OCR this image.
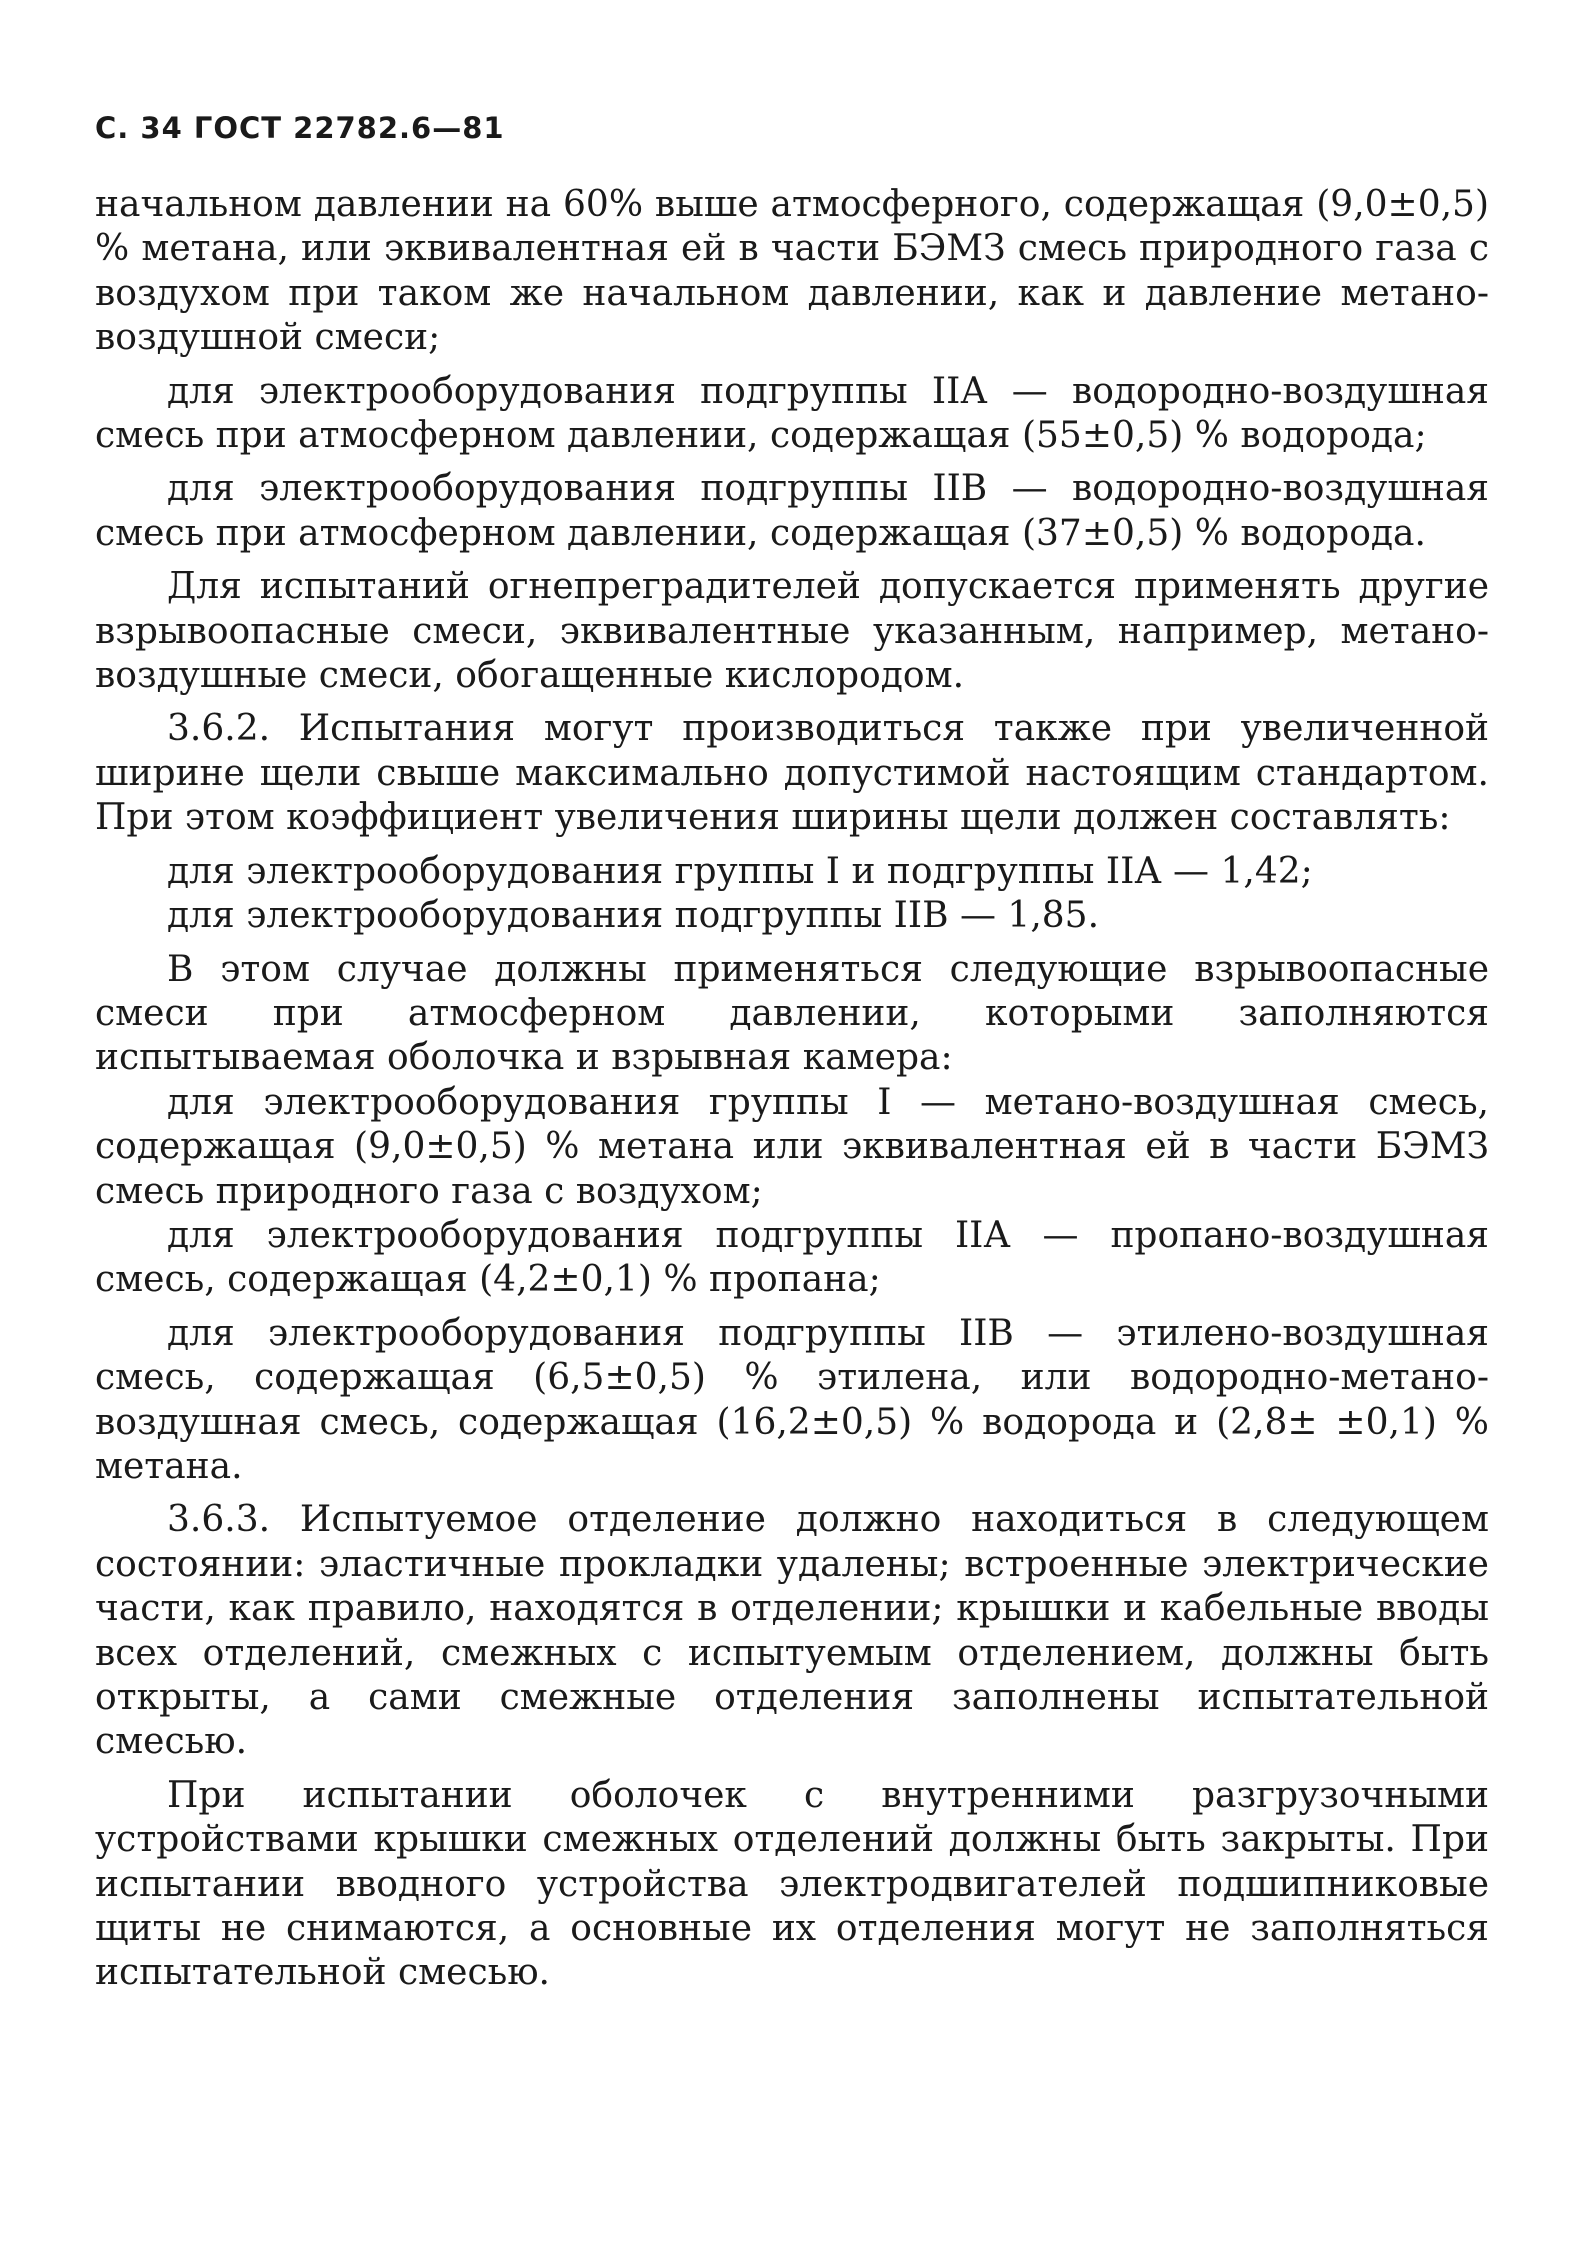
С. 34 ГОСТ 22782.6—81

начальном давлении на 60% выше атмосферного, содержащая (9,0±0,5) % метана, или эквивалентная ей в части БЭМЗ смесь природного газа с воздухом при таком же начальном давлении, как и давление метано-воздушной смеси;

для электрооборудования подгруппы IIА — водородно-воздушная смесь при атмосферном давлении, содержащая (55±0,5) % водорода;

для электрооборудования подгруппы IIВ — водородно-воздушная смесь при атмосферном давлении, содержащая (37±0,5) % водорода.

Для испытаний огнепреградителей допускается применять другие взрывоопасные смеси, эквивалентные указанным, например, метано-воздушные смеси, обогащенные кислородом.

3.6.2. Испытания могут производиться также при увеличенной ширине щели свыше максимально допустимой настоящим стандартом. При этом коэффициент увеличения ширины щели должен составлять:

для электрооборудования группы I и подгруппы IIА — 1,42;

для электрооборудования подгруппы IIВ — 1,85.

В этом случае должны применяться следующие взрывоопасные смеси при атмосферном давлении, которыми заполняются испытываемая оболочка и взрывная камера:

для электрооборудования группы I — метано-воздушная смесь, содержащая (9,0±0,5) % метана или эквивалентная ей в части БЭМЗ смесь природного газа с воздухом;

для электрооборудования подгруппы IIА — пропано-воздушная смесь, содержащая (4,2±0,1) % пропана;

для электрооборудования подгруппы IIВ — этилено-воздушная смесь, содержащая (6,5±0,5) % этилена, или водородно-метано-воздушная смесь, содержащая (16,2±0,5) % водорода и (2,8± ±0,1) % метана.

3.6.3. Испытуемое отделение должно находиться в следующем состоянии: эластичные прокладки удалены; встроенные электрические части, как правило, находятся в отделении; крышки и кабельные вводы всех отделений, смежных с испытуемым отделением, должны быть открыты, а сами смежные отделения заполнены испытательной смесью.

При испытании оболочек с внутренними разгрузочными устройствами крышки смежных отделений должны быть закрыты. При испытании вводного устройства электродвигателей подшипниковые щиты не снимаются, а основные их отделения могут не заполняться испытательной смесью.
